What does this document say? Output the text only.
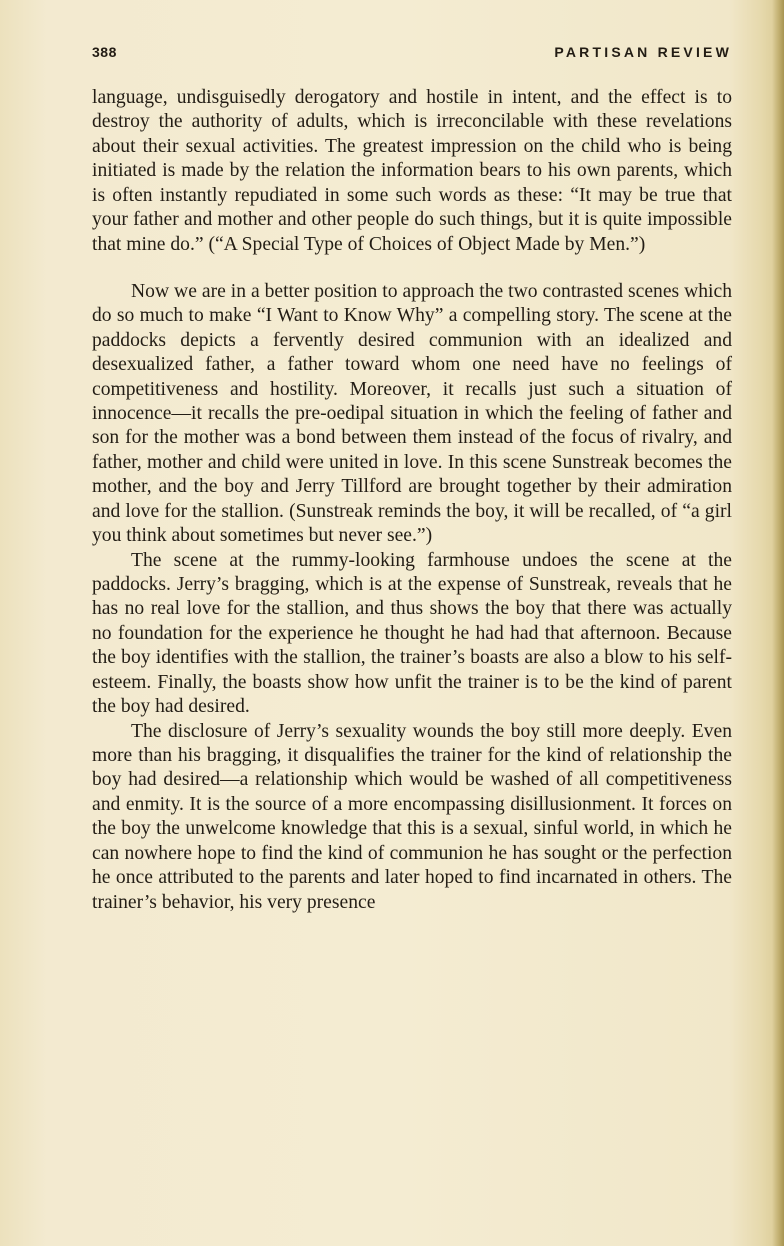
388	PARTISAN REVIEW

language, undisguisedly derogatory and hostile in intent, and the effect is to destroy the authority of adults, which is irreconcilable with these revelations about their sexual activities. The greatest impression on the child who is being initiated is made by the relation the information bears to his own parents, which is often instantly repudiated in some such words as these: “It may be true that your father and mother and other people do such things, but it is quite impossible that mine do.” (“A Special Type of Choices of Object Made by Men.”)

Now we are in a better position to approach the two contrasted scenes which do so much to make “I Want to Know Why” a compelling story. The scene at the paddocks depicts a fervently desired communion with an idealized and desexualized father, a father toward whom one need have no feelings of competitiveness and hostility. Moreover, it recalls just such a situation of innocence—it recalls the pre-oedipal situation in which the feeling of father and son for the mother was a bond between them instead of the focus of rivalry, and father, mother and child were united in love. In this scene Sunstreak becomes the mother, and the boy and Jerry Tillford are brought together by their admiration and love for the stallion. (Sunstreak reminds the boy, it will be recalled, of “a girl you think about sometimes but never see.”)

The scene at the rummy-looking farmhouse undoes the scene at the paddocks. Jerry’s bragging, which is at the expense of Sunstreak, reveals that he has no real love for the stallion, and thus shows the boy that there was actually no foundation for the experience he thought he had had that afternoon. Because the boy identifies with the stallion, the trainer’s boasts are also a blow to his self-esteem. Finally, the boasts show how unfit the trainer is to be the kind of parent the boy had desired.

The disclosure of Jerry’s sexuality wounds the boy still more deeply. Even more than his bragging, it disqualifies the trainer for the kind of relationship the boy had desired—a relationship which would be washed of all competitiveness and enmity. It is the source of a more encompassing disillusionment. It forces on the boy the unwelcome knowledge that this is a sexual, sinful world, in which he can nowhere hope to find the kind of communion he has sought or the perfection he once attributed to the parents and later hoped to find incarnated in others. The trainer’s behavior, his very presence
